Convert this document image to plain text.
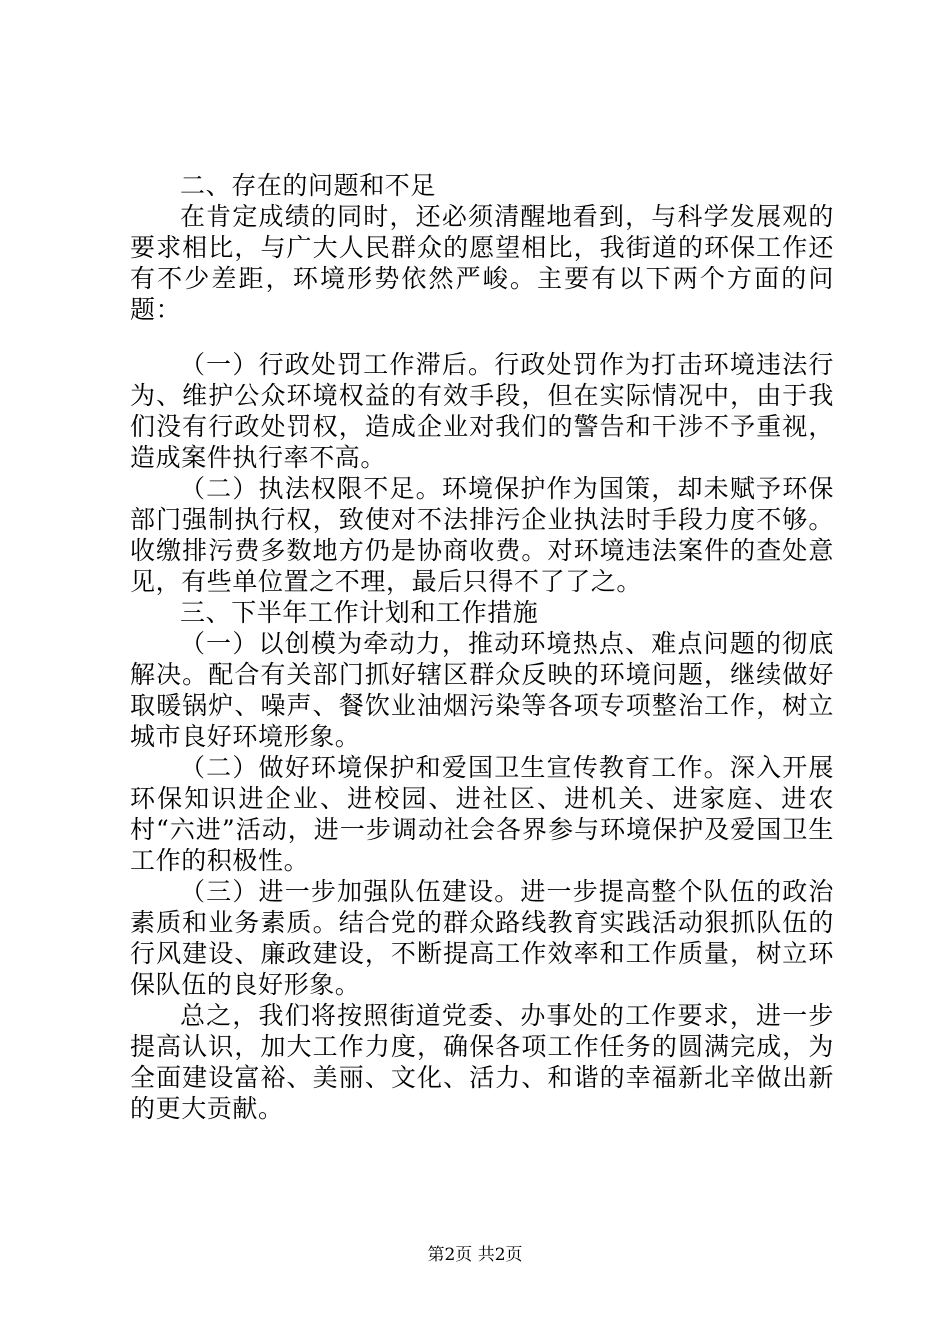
二、存在的问题和不足

在肯定成绩的同时，还必须清醒地看到，与科学发展观的要求相比，与广大人民群众的愿望相比，我街道的环保工作还有不少差距，环境形势依然严峻。主要有以下两个方面的问题：

（一）行政处罚工作滞后。行政处罚作为打击环境违法行为、维护公众环境权益的有效手段，但在实际情况中，由于我们没有行政处罚权，造成企业对我们的警告和干涉不予重视，造成案件执行率不高。

（二）执法权限不足。环境保护作为国策，却未赋予环保部门强制执行权，致使对不法排污企业执法时手段力度不够。收缴排污费多数地方仍是协商收费。对环境违法案件的查处意见，有些单位置之不理，最后只得不了了之。

三、下半年工作计划和工作措施

（一）以创模为牵动力，推动环境热点、难点问题的彻底解决。配合有关部门抓好辖区群众反映的环境问题，继续做好取暖锅炉、噪声、餐饮业油烟污染等各项专项整治工作，树立城市良好环境形象。

（二）做好环境保护和爱国卫生宣传教育工作。深入开展环保知识进企业、进校园、进社区、进机关、进家庭、进农村“六进”活动，进一步调动社会各界参与环境保护及爱国卫生工作的积极性。

（三）进一步加强队伍建设。进一步提高整个队伍的政治素质和业务素质。结合党的群众路线教育实践活动狠抓队伍的行风建设、廉政建设，不断提高工作效率和工作质量，树立环保队伍的良好形象。

总之，我们将按照街道党委、办事处的工作要求，进一步提高认识，加大工作力度，确保各项工作任务的圆满完成，为全面建设富裕、美丽、文化、活力、和谐的幸福新北辛做出新的更大贡献。

第2页 共2页
